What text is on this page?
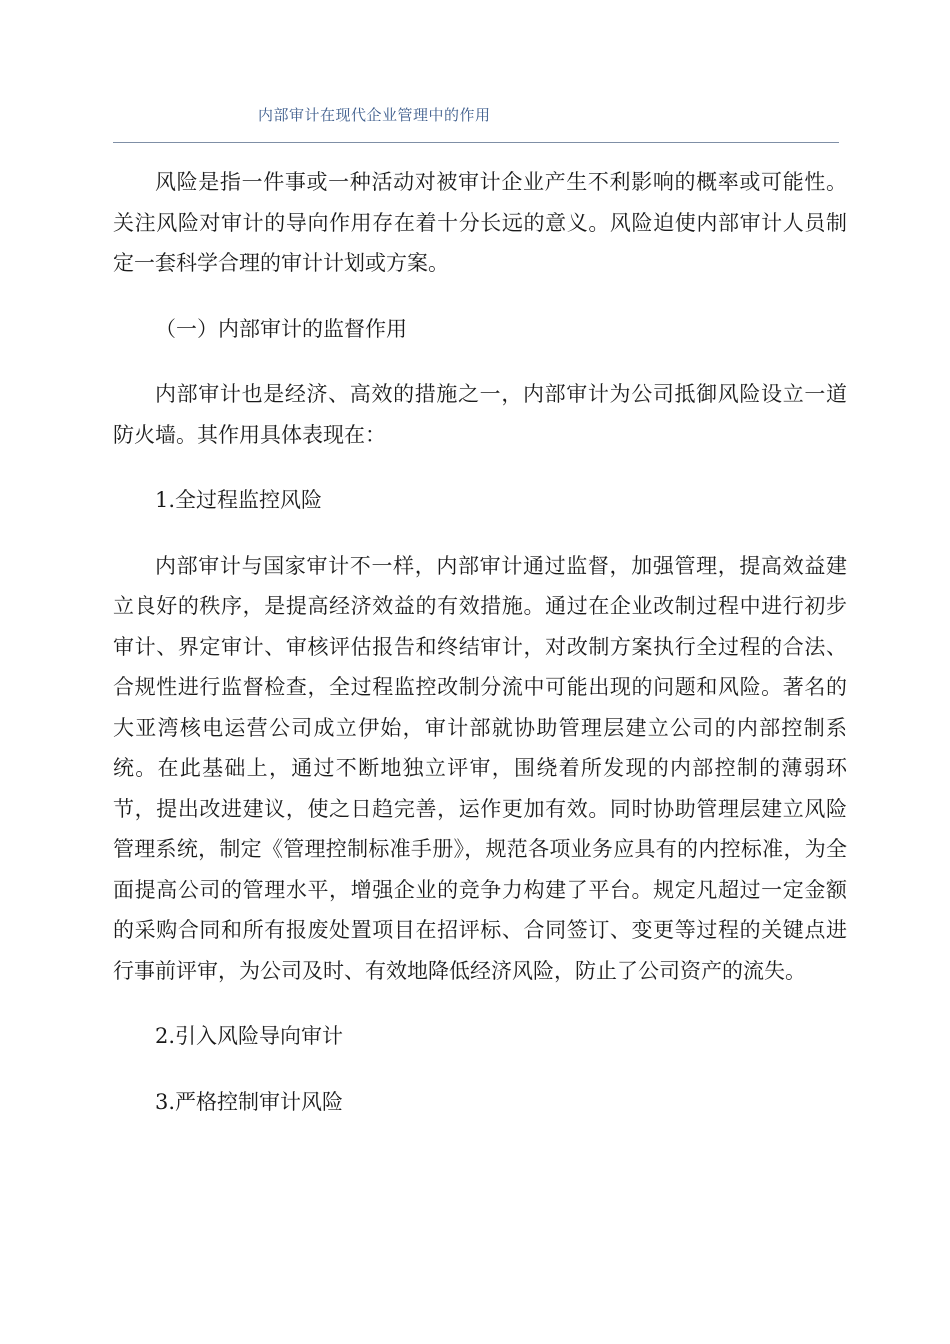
内部审计在现代企业管理中的作用

风险是指一件事或一种活动对被审计企业产生不利影响的概率或可能性。关注风险对审计的导向作用存在着十分长远的意义。风险迫使内部审计人员制定一套科学合理的审计计划或方案。

（一）内部审计的监督作用

内部审计也是经济、高效的措施之一，内部审计为公司抵御风险设立一道防火墙。其作用具体表现在：

1.全过程监控风险

内部审计与国家审计不一样，内部审计通过监督，加强管理，提高效益建立良好的秩序，是提高经济效益的有效措施。通过在企业改制过程中进行初步审计、界定审计、审核评估报告和终结审计，对改制方案执行全过程的合法、合规性进行监督检查，全过程监控改制分流中可能出现的问题和风险。著名的大亚湾核电运营公司成立伊始，审计部就协助管理层建立公司的内部控制系统。在此基础上，通过不断地独立评审，围绕着所发现的内部控制的薄弱环节，提出改进建议，使之日趋完善，运作更加有效。同时协助管理层建立风险管理系统，制定《管理控制标准手册》，规范各项业务应具有的内控标准，为全面提高公司的管理水平，增强企业的竞争力构建了平台。规定凡超过一定金额的采购合同和所有报废处置项目在招评标、合同签订、变更等过程的关键点进行事前评审，为公司及时、有效地降低经济风险，防止了公司资产的流失。

2.引入风险导向审计

3.严格控制审计风险
